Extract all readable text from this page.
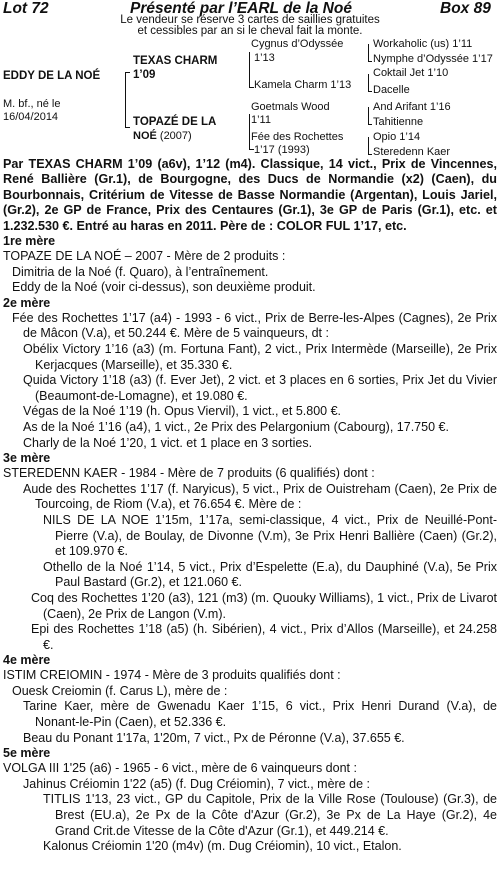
Lot 72	Présenté par l’EARL de la Noé	Box 89
Le vendeur se réserve 3 cartes de saillies gratuites
et cessibles par an si le cheval fait la monte.
EDDY DE LA NOÉ
M. bf., né le
16/04/2014
TEXAS CHARM
1’09
TOPAZÉ DE LA
NOÉ (2007)
Cygnus d’Odyssée
1’13
Kamela Charm 1’13
Goetmals Wood
1’11
Fée des Rochettes
1’17 (1993)
Workaholic (us) 1’11
Nymphe d’Odyssée 1’17
Coktail Jet 1’10
Dacelle
And Arifant 1’16
Tahitienne
Opio 1’14
Steredenn Kaer

Par TEXAS CHARM 1’09 (a6v), 1’12 (m4). Classique, 14 vict., Prix de Vincennes, René Ballière (Gr.1), de Bourgogne, des Ducs de Normandie (x2) (Caen), du Bourbonnais, Critérium de Vitesse de Basse Normandie (Argentan), Louis Jariel, (Gr.2), 2e GP de France, Prix des Centaures (Gr.1), 3e GP de Paris (Gr.1), etc. et 1.232.530 €. Entré au haras en 2011. Père de : COLOR FUL 1’17, etc.

1re mère

TOPAZE DE LA NOÉ – 2007 - Mère de 2 produits :

Dimitria de la Noé (f. Quaro), à l’entraînement.

Eddy de la Noé (voir ci-dessus), son deuxième produit.

2e mère

Fée des Rochettes 1’17 (a4) - 1993 - 6 vict., Prix de Berre-les-Alpes (Cagnes), 2e Prix de Mâcon (V.a), et 50.244 €. Mère de 5 vainqueurs, dt :

Obélix Victory 1’16 (a3) (m. Fortuna Fant), 2 vict., Prix Intermède (Marseille), 2e Prix Kerjacques (Marseille), et 35.330 €.

Quida Victory 1’18 (a3) (f. Ever Jet), 2 vict. et 3 places en 6 sorties, Prix Jet du Vivier (Beaumont-de-Lomagne), et 19.080 €.

Végas de la Noé 1’19 (h. Opus Viervil), 1 vict., et 5.800 €.

As de la Noé 1’16 (a4), 1 vict., 2e Prix des Pelargonium (Cabourg), 17.750 €.

Charly de la Noé 1’20, 1 vict. et 1 place en 3 sorties.

3e mère

STEREDENN KAER - 1984 - Mère de 7 produits (6 qualifiés) dont :

Aude des Rochettes 1’17 (f. Naryicus), 5 vict., Prix de Ouistreham (Caen), 2e Prix de Tourcoing, de Riom (V.a), et 76.654 €. Mère de :

NILS DE LA NOE 1’15m, 1’17a, semi-classique, 4 vict., Prix de Neuillé-Pont-Pierre (V.a), de Boulay, de Divonne (V.m), 3e Prix Henri Ballière (Caen) (Gr.2), et 109.970 €.

Othello de la Noé 1’14, 5 vict., Prix d’Espelette (E.a), du Dauphiné (V.a), 5e Prix Paul Bastard (Gr.2), et 121.060 €.

Coq des Rochettes 1’20 (a3), 121 (m3) (m. Quouky Williams), 1 vict., Prix de Livarot (Caen), 2e Prix de Langon (V.m).

Epi des Rochettes 1’18 (a5) (h. Sibérien), 4 vict., Prix d’Allos (Marseille), et 24.258 €.

4e mère

ISTIM CREIOMIN - 1974 - Mère de 3 produits qualifiés dont :

Ouesk Creiomin (f. Carus L), mère de :

Tarine Kaer, mère de Gwenadu Kaer 1’15, 6 vict., Prix Henri Durand (V.a), de Nonant-le-Pin (Caen), et 52.336 €.

Beau du Ponant 1'17a, 1'20m, 7 vict., Px de Péronne (V.a), 37.655 €.

5e mère

VOLGA III 1'25 (a6) - 1965 - 6 vict., mère de 6 vainqueurs dont :

Jahinus Créiomin 1'22 (a5) (f. Dug Créiomin), 7 vict., mère de :

TITLIS 1'13, 23 vict., GP du Capitole, Prix de la Ville Rose (Toulouse) (Gr.3), de Brest (EU.a), 2e Px de la Côte d'Azur (Gr.2), 3e Px de La Haye (Gr.2), 4e Grand Crit.de Vitesse de la Côte d'Azur (Gr.1), et 449.214 €.

Kalonus Créiomin 1'20 (m4v) (m. Dug Créiomin), 10 vict., Etalon.
